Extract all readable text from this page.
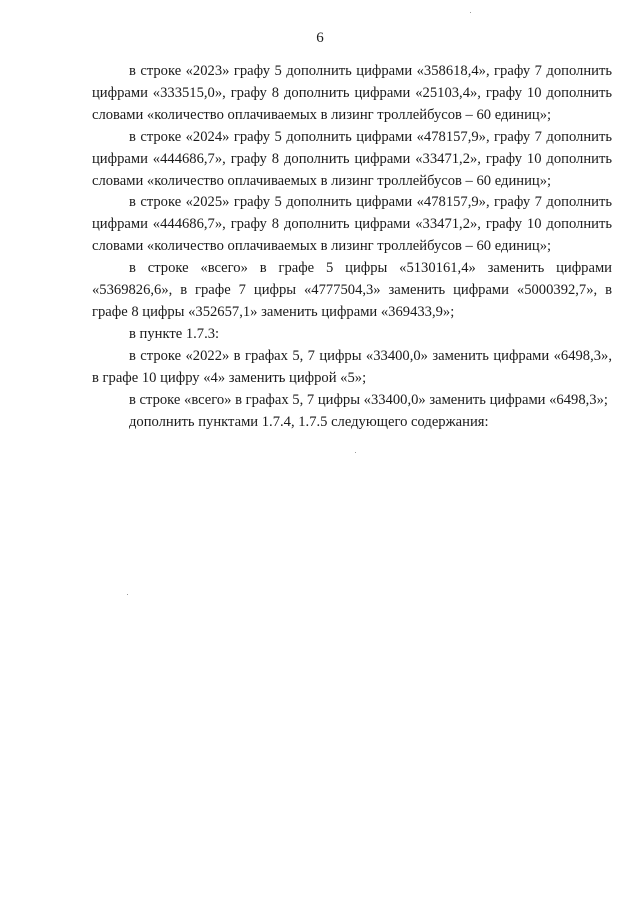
6

в строке «2023» графу 5 дополнить цифрами «358618,4», графу 7 дополнить цифрами «333515,0», графу 8 дополнить цифрами «25103,4», графу 10 дополнить словами «количество оплачиваемых в лизинг троллейбусов – 60 единиц»;

в строке «2024» графу 5 дополнить цифрами «478157,9», графу 7 дополнить цифрами «444686,7», графу 8 дополнить цифрами «33471,2», графу 10 дополнить словами «количество оплачиваемых в лизинг троллейбусов – 60 единиц»;

в строке «2025» графу 5 дополнить цифрами «478157,9», графу 7 дополнить цифрами «444686,7», графу 8 дополнить цифрами «33471,2», графу 10 дополнить словами «количество оплачиваемых в лизинг троллейбусов – 60 единиц»;

в строке «всего» в графе 5 цифры «5130161,4» заменить цифрами «5369826,6», в графе 7 цифры «4777504,3» заменить цифрами «5000392,7», в графе 8 цифры «352657,1» заменить цифрами «369433,9»;

в пункте 1.7.3:

в строке «2022» в графах 5, 7 цифры «33400,0» заменить цифрами «6498,3», в графе 10 цифру «4» заменить цифрой «5»;

в строке «всего» в графах 5, 7 цифры «33400,0» заменить цифрами «6498,3»;

дополнить пунктами 1.7.4, 1.7.5 следующего содержания:
